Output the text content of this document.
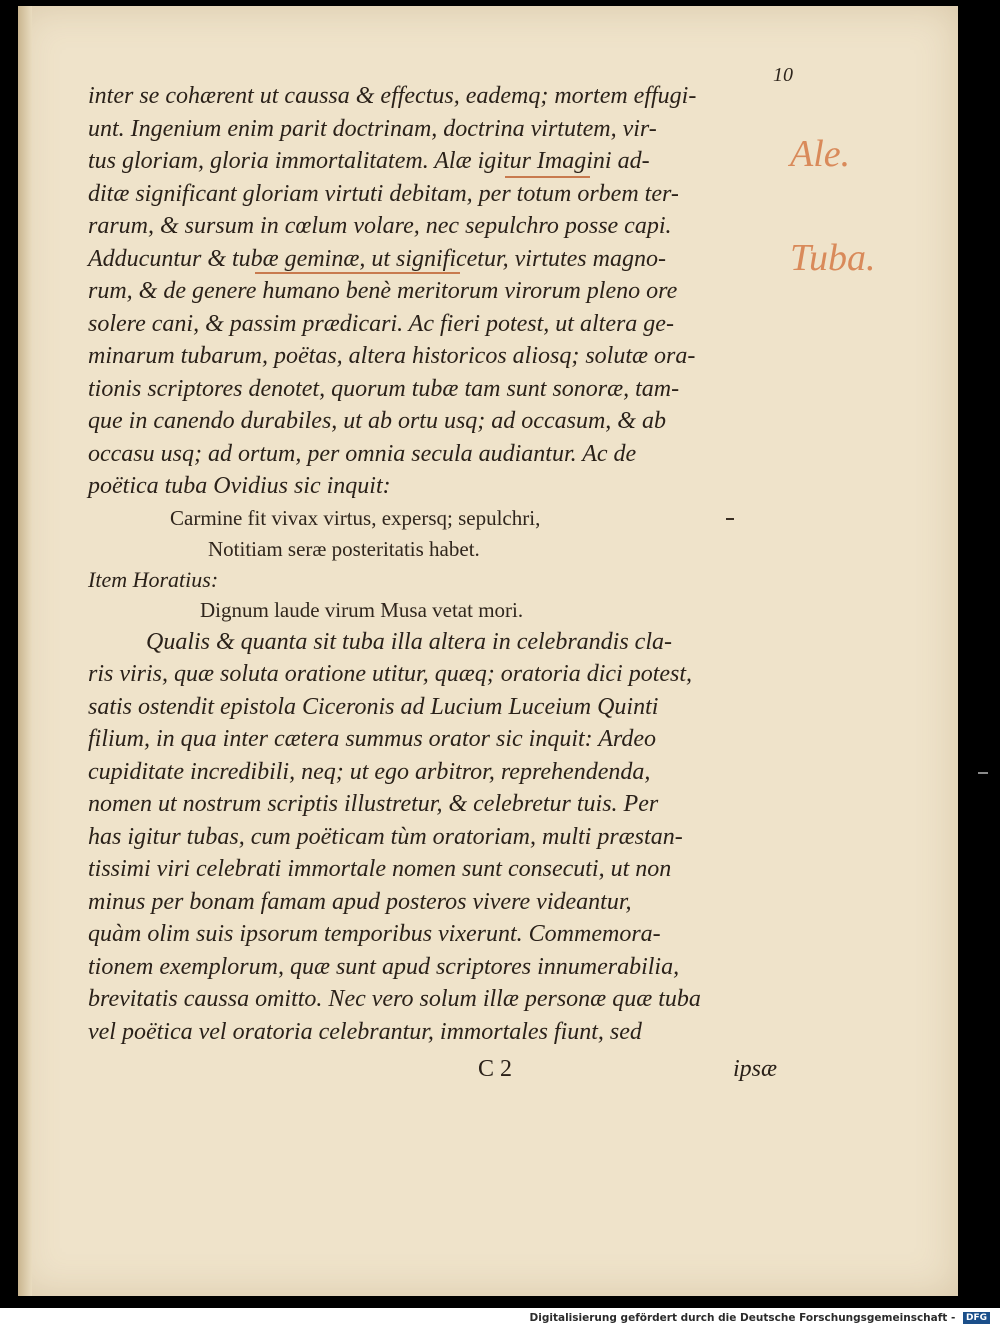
10
inter se cohærent ut caussa & effectus, eademq; mortem effugi-
unt. Ingenium enim parit doctrinam, doctrina virtutem, vir-
tus gloriam, gloria immortalitatem. Alæ igitur Imagini ad-
ditæ significant gloriam virtuti debitam, per totum orbem ter-
rarum, & sursum in cœlum volare, nec sepulchro posse capi.
Adducuntur & tubæ geminæ, ut significetur, virtutes magno-
rum, & de genere humano benè meritorum virorum pleno ore
solere cani, & passim prædicari. Ac fieri potest, ut altera ge-
minarum tubarum, poëtas, altera historicos aliosq; solutæ ora-
tionis scriptores denotet, quorum tubæ tam sunt sonoræ, tam-
que in canendo durabiles, ut ab ortu usq; ad occasum, & ab
occasu usq; ad ortum, per omnia secula audiantur. Ac de
poëtica tuba Ovidius sic inquit:
Carmine fit vivax virtus, expersq; sepulchri,
Notitiam seræ posteritatis habet.
Item Horatius:
Dignum laude virum Musa vetat mori.
Qualis & quanta sit tuba illa altera in celebrandis cla-
ris viris, quæ soluta oratione utitur, quæq; oratoria dici potest,
satis ostendit epistola Ciceronis ad Lucium Luceium Quinti
filium, in qua inter cætera summus orator sic inquit: Ardeo
cupiditate incredibili, neq; ut ego arbitror, reprehendenda,
nomen ut nostrum scriptis illustretur, & celebretur tuis. Per
has igitur tubas, cum poëticam tùm oratoriam, multi præstan-
tissimi viri celebrati immortale nomen sunt consecuti, ut non
minus per bonam famam apud posteros vivere videantur,
quàm olim suis ipsorum temporibus vixerunt. Commemora-
tionem exemplorum, quæ sunt apud scriptores innumerabilia,
brevitatis caussa omitto. Nec vero solum illæ personæ quæ tuba
vel poëtica vel oratoria celebrantur, immortales fiunt, sed
C 2	ipsæ
Ale.
Tuba.
Digitalisierung gefördert durch die Deutsche Forschungsgemeinschaft - DFG
